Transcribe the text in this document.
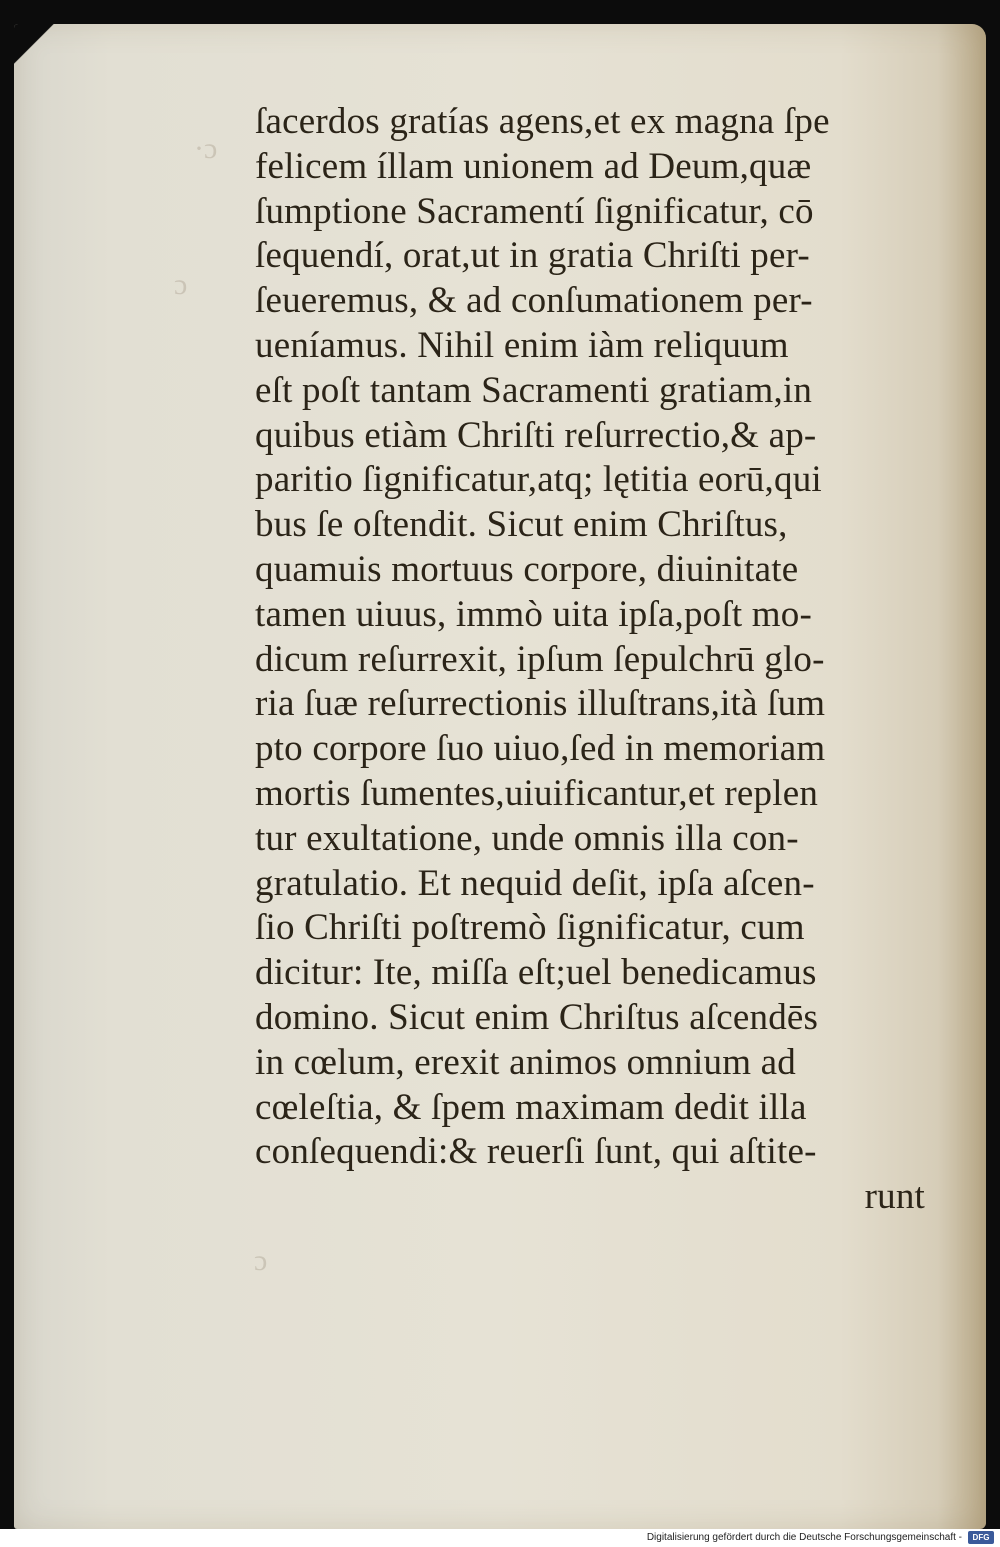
·ɔ
ɔ
ɔ
ſacerdos gratías agens,et ex magna ſpe
felicem íllam unionem ad Deum,quæ
ſumptione Sacramentí ſignificatur, cō
ſequendí, orat,ut in gratia Chriſti per-
ſeueremus, & ad conſumationem per-
ueníamus. Nihil enim iàm reliquum
eſt poſt tantam Sacramenti gratiam,in
quibus etiàm Chriſti reſurrectio,& ap-
paritio ſignificatur,atq; lętitia eorū,qui
bus ſe oſtendit. Sicut enim Chriſtus,
quamuis mortuus corpore, diuinitate
tamen uiuus, immò uita ipſa,poſt mo-
dicum reſurrexit, ipſum ſepulchrū glo-
ria ſuæ reſurrectionis illuſtrans,ità ſum
pto corpore ſuo uiuo,ſed in memoriam
mortis ſumentes,uiuificantur,et replen
tur exultatione, unde omnis illa con-
gratulatio. Et nequid deſit, ipſa aſcen-
ſio Chriſti poſtremò ſignificatur, cum
dicitur: Ite, miſſa eſt;uel benedicamus
domino. Sicut enim Chriſtus aſcendēs
in cœlum, erexit animos omnium ad
cœleſtia, & ſpem maximam dedit illa
conſequendi:& reuerſi ſunt, qui aſtite-
runt
Digitalisierung gefördert durch die Deutsche Forschungsgemeinschaft -	DFG
